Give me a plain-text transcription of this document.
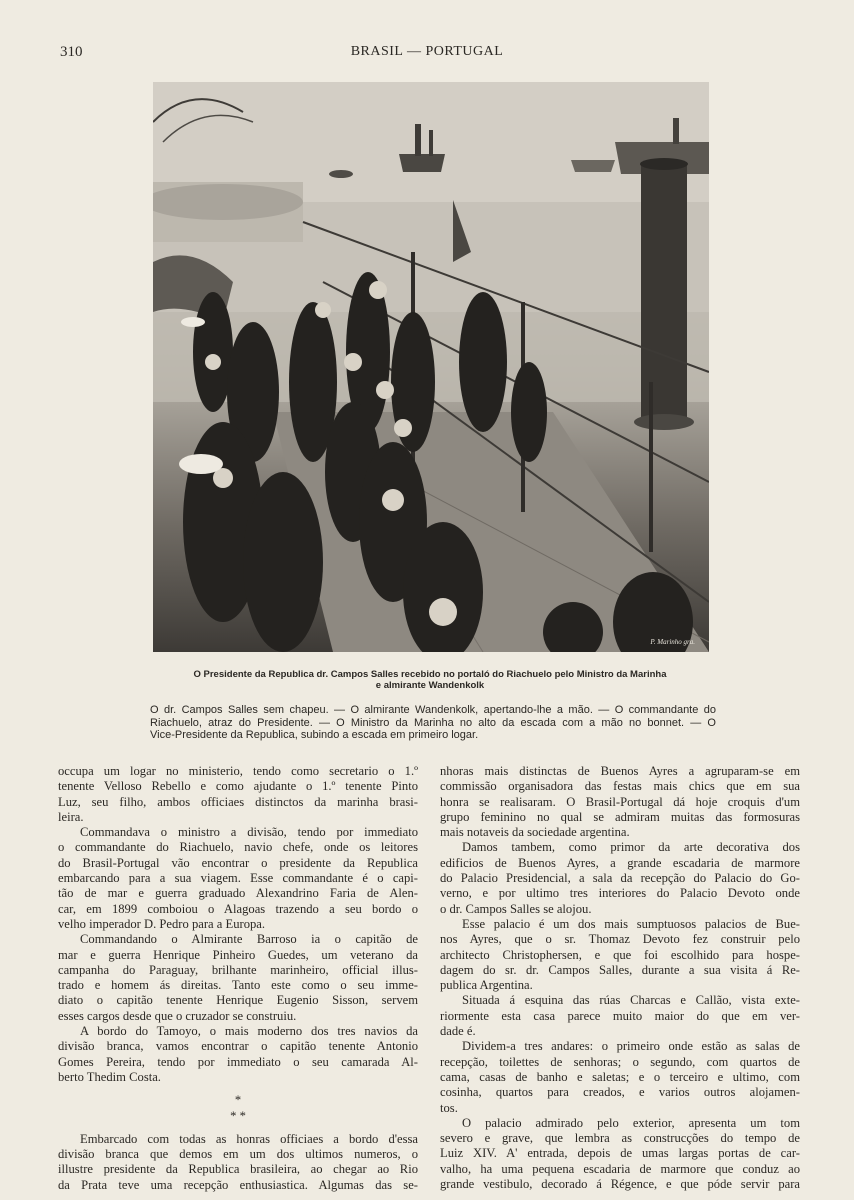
310	BRASIL — PORTUGAL
P. Marinho gra.
O Presidente da Republica dr. Campos Salles recebido no portaló do Riachuelo pelo Ministro da Marinha
e almirante Wandenkolk
O dr. Campos Salles sem chapeu. — O almirante Wandenkolk, apertando-lhe a mão. — O commandante do
Riachuelo, atraz do Presidente. — O Ministro da Marinha no alto da escada com a mão no bonnet. — O
Vice-Presidente da Republica, subindo a escada em primeiro logar.
occupa um logar no ministerio, tendo como secretario o 1.º
tenente Velloso Rebello e como ajudante o 1.º tenente Pinto
Luz, seu filho, ambos officiaes distinctos da marinha brasi-
leira.
Commandava o ministro a divisão, tendo por immediato
o commandante do Riachuelo, navio chefe, onde os leitores
do Brasil-Portugal vão encontrar o presidente da Republica
embarcando para a sua viagem. Esse commandante é o capi-
tão de mar e guerra graduado Alexandrino Faria de Alen-
car, em 1899 comboiou o Alagoas trazendo a seu bordo o
velho imperador D. Pedro para a Europa.
Commandando o Almirante Barroso ia o capitão de
mar e guerra Henrique Pinheiro Guedes, um veterano da
campanha do Paraguay, brilhante marinheiro, official illus-
trado e homem ás direitas. Tanto este como o seu imme-
diato o capitão tenente Henrique Eugenio Sisson, servem
esses cargos desde que o cruzador se construiu.
A bordo do Tamoyo, o mais moderno dos tres navios da
divisão branca, vamos encontrar o capitão tenente Antonio
Gomes Pereira, tendo por immediato o seu camarada Al-
berto Thedim Costa.
*
* *
Embarcado com todas as honras officiaes a bordo d'essa
divisão branca que demos em um dos ultimos numeros, o
illustre presidente da Republica brasileira, ao chegar ao Rio
da Prata teve uma recepção enthusiastica. Algumas das se-
nhoras mais distinctas de Buenos Ayres a agruparam-se em
commissão organisadora das festas mais chics que em sua
honra se realisaram. O Brasil-Portugal dá hoje croquis d'um
grupo feminino no qual se admiram muitas das formosuras
mais notaveis da sociedade argentina.
Damos tambem, como primor da arte decorativa dos
edificios de Buenos Ayres, a grande escadaria de marmore
do Palacio Presidencial, a sala da recepção do Palacio do Go-
verno, e por ultimo tres interiores do Palacio Devoto onde
o dr. Campos Salles se alojou.
Esse palacio é um dos mais sumptuosos palacios de Bue-
nos Ayres, que o sr. Thomaz Devoto fez construir pelo
architecto Christophersen, e que foi escolhido para hospe-
dagem do sr. dr. Campos Salles, durante a sua visita á Re-
publica Argentina.
Situada á esquina das rúas Charcas e Callão, vista exte-
riormente esta casa parece muito maior do que em ver-
dade é.
Dividem-a tres andares: o primeiro onde estão as salas de
recepção, toilettes de senhoras; o segundo, com quartos de
cama, casas de banho e saletas; e o terceiro e ultimo, com
cosinha, quartos para creados, e varios outros alojamen-
tos.
O palacio admirado pelo exterior, apresenta um tom
severo e grave, que lembra as construcções do tempo de
Luiz XIV. A' entrada, depois de umas largas portas de car-
valho, ha uma pequena escadaria de marmore que conduz ao
grande vestibulo, decorado á Régence, e que póde servir para
